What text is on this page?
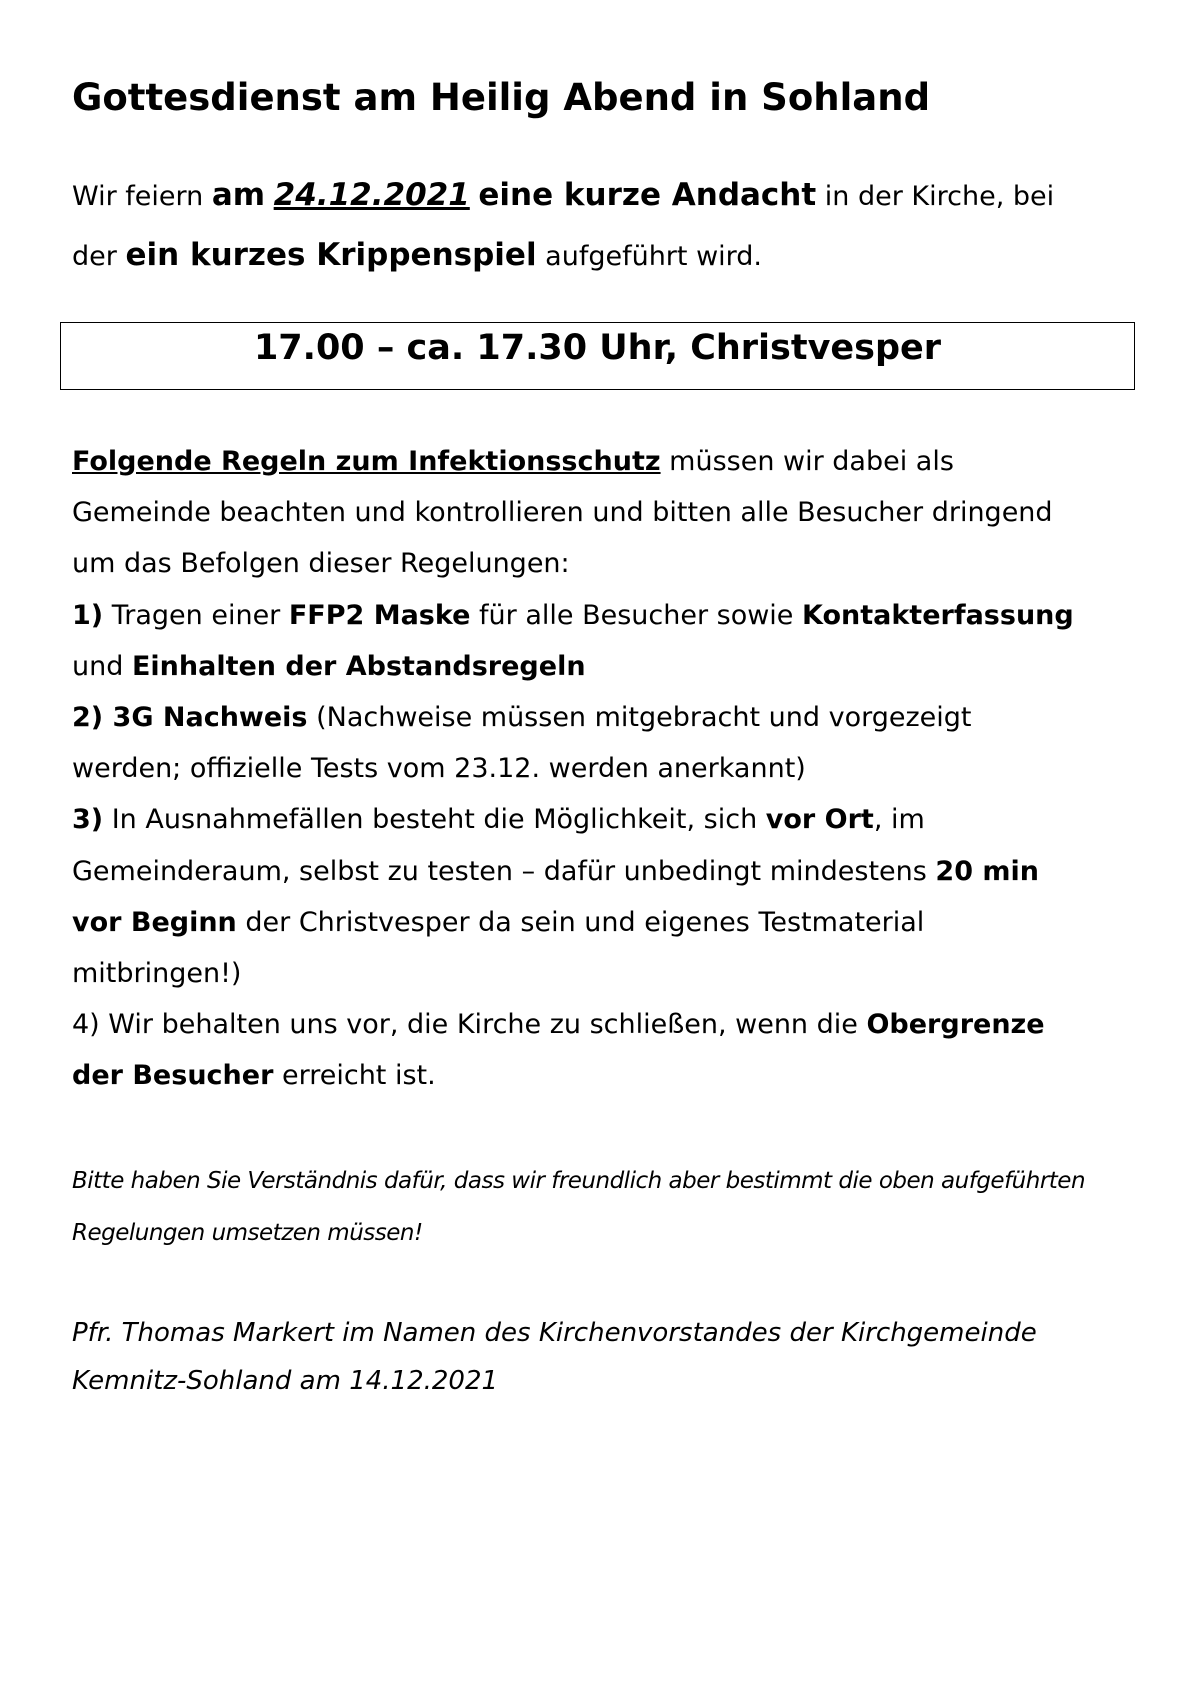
Gottesdienst am Heilig Abend in Sohland
Wir feiern am 24.12.2021 eine kurze Andacht in der Kirche, bei
der ein kurzes Krippenspiel aufgeführt wird.
17.00 – ca. 17.30 Uhr, Christvesper
Folgende Regeln zum Infektionsschutz müssen wir dabei als
Gemeinde beachten und kontrollieren und bitten alle Besucher dringend
um das Befolgen dieser Regelungen:
1) Tragen einer FFP2 Maske für alle Besucher sowie Kontakterfassung
und Einhalten der Abstandsregeln
2) 3G Nachweis (Nachweise müssen mitgebracht und vorgezeigt
werden; offizielle Tests vom 23.12. werden anerkannt)
3) In Ausnahmefällen besteht die Möglichkeit, sich vor Ort, im
Gemeinderaum, selbst zu testen – dafür unbedingt mindestens 20 min
vor Beginn der Christvesper da sein und eigenes Testmaterial
mitbringen!)
4) Wir behalten uns vor, die Kirche zu schließen, wenn die Obergrenze
der Besucher erreicht ist.
Bitte haben Sie Verständnis dafür, dass wir freundlich aber bestimmt die oben aufgeführten
Regelungen umsetzen müssen!
Pfr. Thomas Markert im Namen des Kirchenvorstandes der Kirchgemeinde
Kemnitz-Sohland am 14.12.2021
